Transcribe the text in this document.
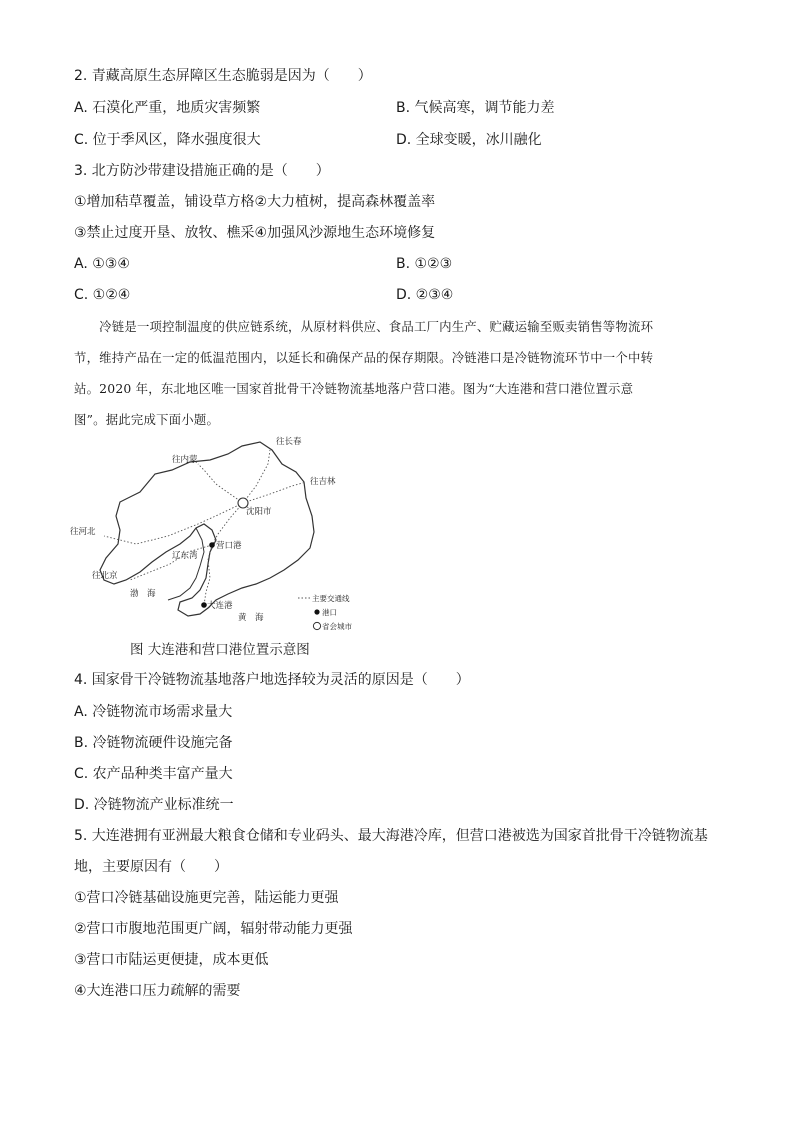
2. 青藏高原生态屏障区生态脆弱是因为（　　）
A. 石漠化严重，地质灾害频繁	B. 气候高寒，调节能力差
C. 位于季风区，降水强度很大	D. 全球变暖，冰川融化
3. 北方防沙带建设措施正确的是（　　）
①增加秸草覆盖，铺设草方格②大力植树，提高森林覆盖率
③禁止过度开垦、放牧、樵采④加强风沙源地生态环境修复
A. ①③④	B. ①②③
C. ①②④	D. ②③④
　　冷链是一项控制温度的供应链系统，从原材料供应、食品工厂内生产、贮藏运输至贩卖销售等物流环
节，维持产品在一定的低温范围内，以延长和确保产品的保存期限。冷链港口是冷链物流环节中一个中转
站。2020 年，东北地区唯一国家首批骨干冷链物流基地落户营口港。图为“大连港和营口港位置示意
图”。据此完成下面小题。
往长春
往内蒙
往吉林
往河北
沈阳市
营口港
辽东湾
往北京
渤　海
大连港
黄　海
主要交通线
港口
省会城市
图 大连港和营口港位置示意图
4. 国家骨干冷链物流基地落户地选择较为灵活的原因是（　　）
A. 冷链物流市场需求量大
B. 冷链物流硬件设施完备
C. 农产品种类丰富产量大
D. 冷链物流产业标准统一
5. 大连港拥有亚洲最大粮食仓储和专业码头、最大海港冷库，但营口港被选为国家首批骨干冷链物流基
地，主要原因有（　　）
①营口冷链基础设施更完善，陆运能力更强
②营口市腹地范围更广阔，辐射带动能力更强
③营口市陆运更便捷，成本更低
④大连港口压力疏解的需要
